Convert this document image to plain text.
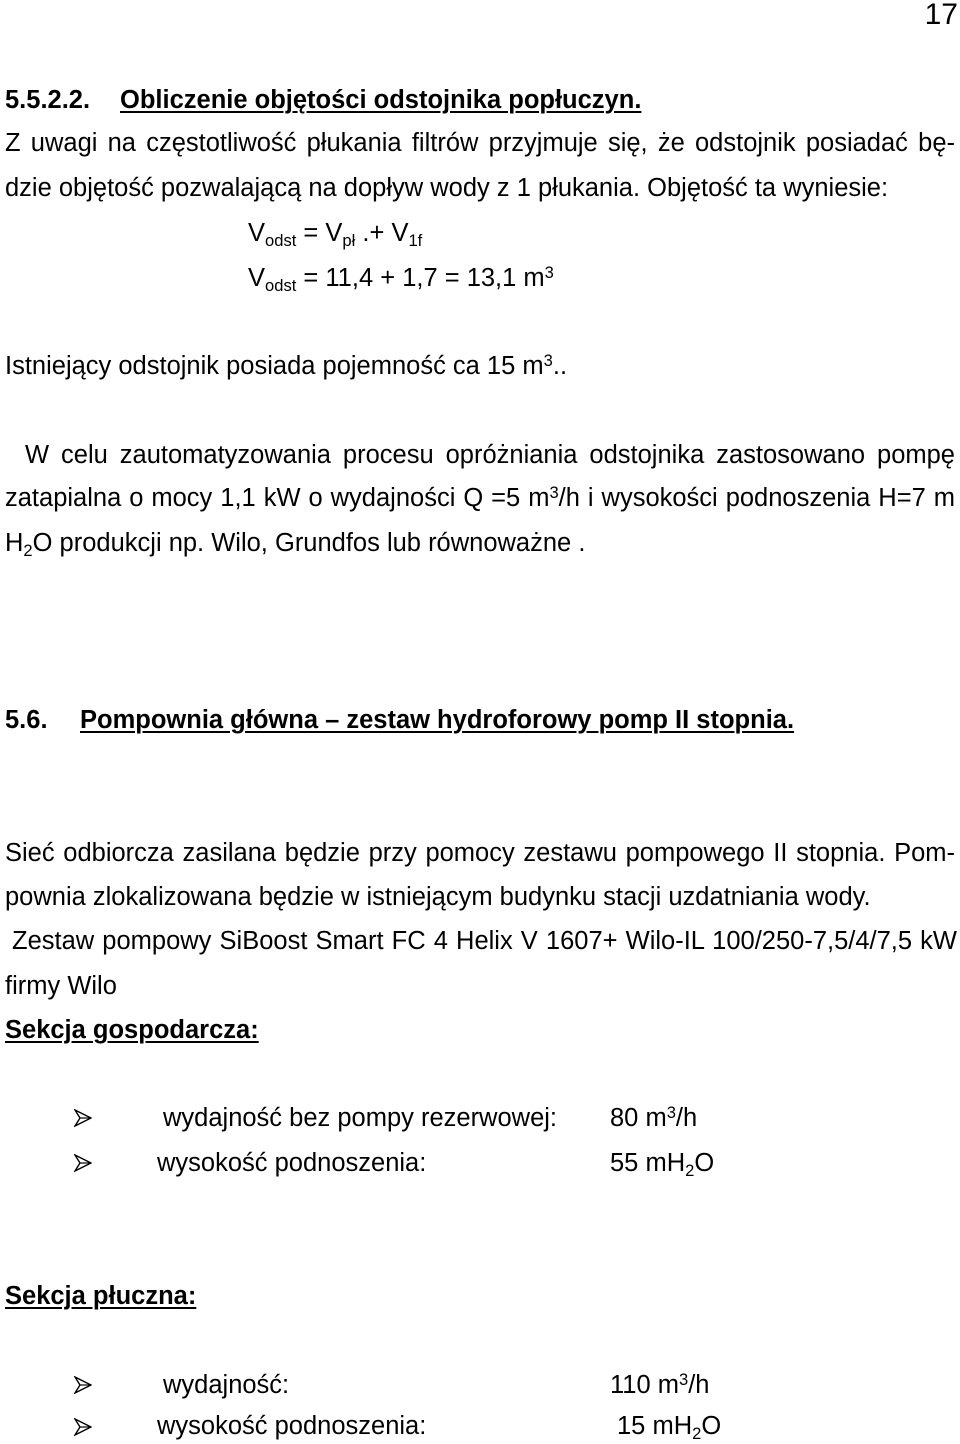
17
5.5.2.2. Obliczenie objętości odstojnika popłuczyn.
Z uwagi na częstotliwość płukania filtrów przyjmuje się, że odstojnik posiadać bę-
dzie objętość pozwalającą na dopływ wody z 1 płukania. Objętość ta wyniesie:
Vodst = Vpł .+ V1f
Vodst = 11,4 + 1,7 = 13,1 $m^3$
Istniejący odstojnik posiada pojemność ca 15 $m^3$..
W celu zautomatyzowania procesu opróżniania odstojnika zastosowano pompę
zatapialna o mocy 1,1 kW o wydajności Q =5 $m^3/h$ i wysokości podnoszenia H=7 m
H2O produkcji np. Wilo, Grundfos lub równoważne .
5.6. Pompownia główna – zestaw hydroforowy pomp II stopnia.
Sieć odbiorcza zasilana będzie przy pomocy zestawu pompowego II stopnia. Pom-
pownia zlokalizowana będzie w istniejącym budynku stacji uzdatniania wody.
Zestaw pompowy SiBoost Smart FC 4 Helix V 1607+ Wilo-IL 100/250-7,5/4/7,5 kW
firmy Wilo
Sekcja gospodarcza:
wydajność bez pompy rezerwowej: 80 $m^3/h$
wysokość podnoszenia:	55 mH2O
Sekcja płuczna:
wydajność:	110 $m^3/h$
wysokość podnoszenia:	15 mH2O
